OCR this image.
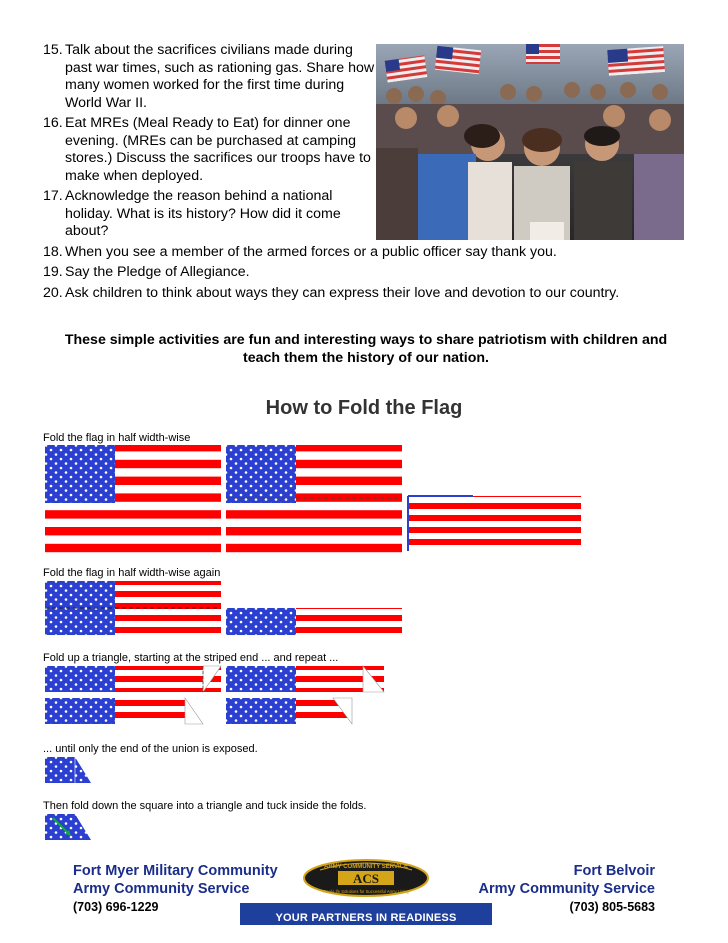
15. Talk about the sacrifices civilians made during past war times, such as rationing gas. Share how many women worked for the first time during World War II.
16. Eat MREs (Meal Ready to Eat) for dinner one evening. (MREs can be purchased at camping stores.) Discuss the sacrifices our troops have to make when deployed.
17. Acknowledge the reason behind a national holiday. What is its history? How did it come about?
18. When you see a member of the armed forces or a public officer say thank you.
19. Say the Pledge of Allegiance.
20. Ask children to think about ways they can express their love and devotion to our country.
These simple activities are fun and interesting ways to share patriotism with children and teach them the history of our nation.
How to Fold the Flag
Fold the flag in half width-wise
Fold the flag in half width-wise again
Fold up a triangle, starting at the striped end ... and repeat ...
... until only the end of the union is exposed.
Then fold down the square into a triangle and tuck inside the folds.
Fort Myer Military Community
Army Community Service
(703) 696-1229
ARMY COMMUNITY SERVICE
ACS
Real-Life Solutions for Successful Army Living
YOUR PARTNERS IN READINESS
Fort Belvoir
Army Community Service
(703) 805-5683
